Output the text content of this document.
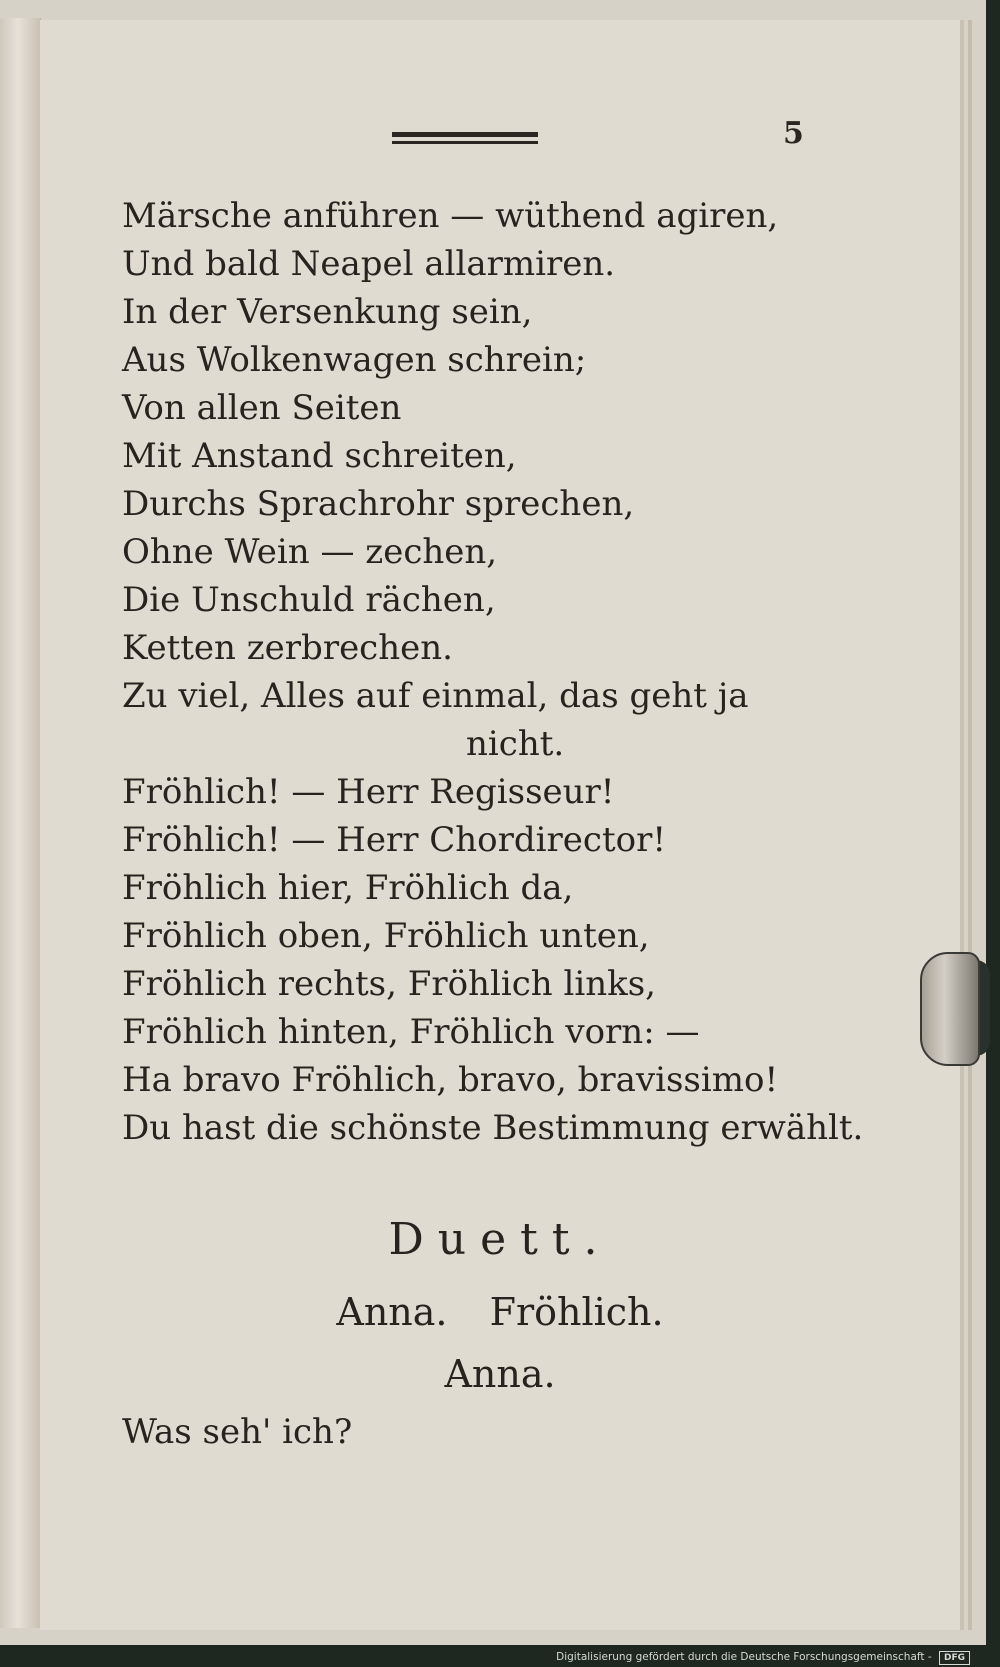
5
Märsche anführen — wüthend agiren,
Und bald Neapel allarmiren.
In der Versenkung sein,
Aus Wolkenwagen schrein;
Von allen Seiten
Mit Anstand schreiten,
Durchs Sprachrohr sprechen,
Ohne Wein — zechen,
Die Unschuld rächen,
Ketten zerbrechen.
Zu viel, Alles auf einmal, das geht ja
nicht.
Fröhlich! — Herr Regisseur!
Fröhlich! — Herr Chordirector!
Fröhlich hier, Fröhlich da,
Fröhlich oben, Fröhlich unten,
Fröhlich rechts, Fröhlich links,
Fröhlich hinten, Fröhlich vorn: —
Ha bravo Fröhlich, bravo, bravissimo!
Du hast die schönste Bestimmung erwählt.
Duett.
Anna. Fröhlich.
Anna.
Was seh' ich?
Digitalisierung gefördert durch die Deutsche Forschungsgemeinschaft - DFG
